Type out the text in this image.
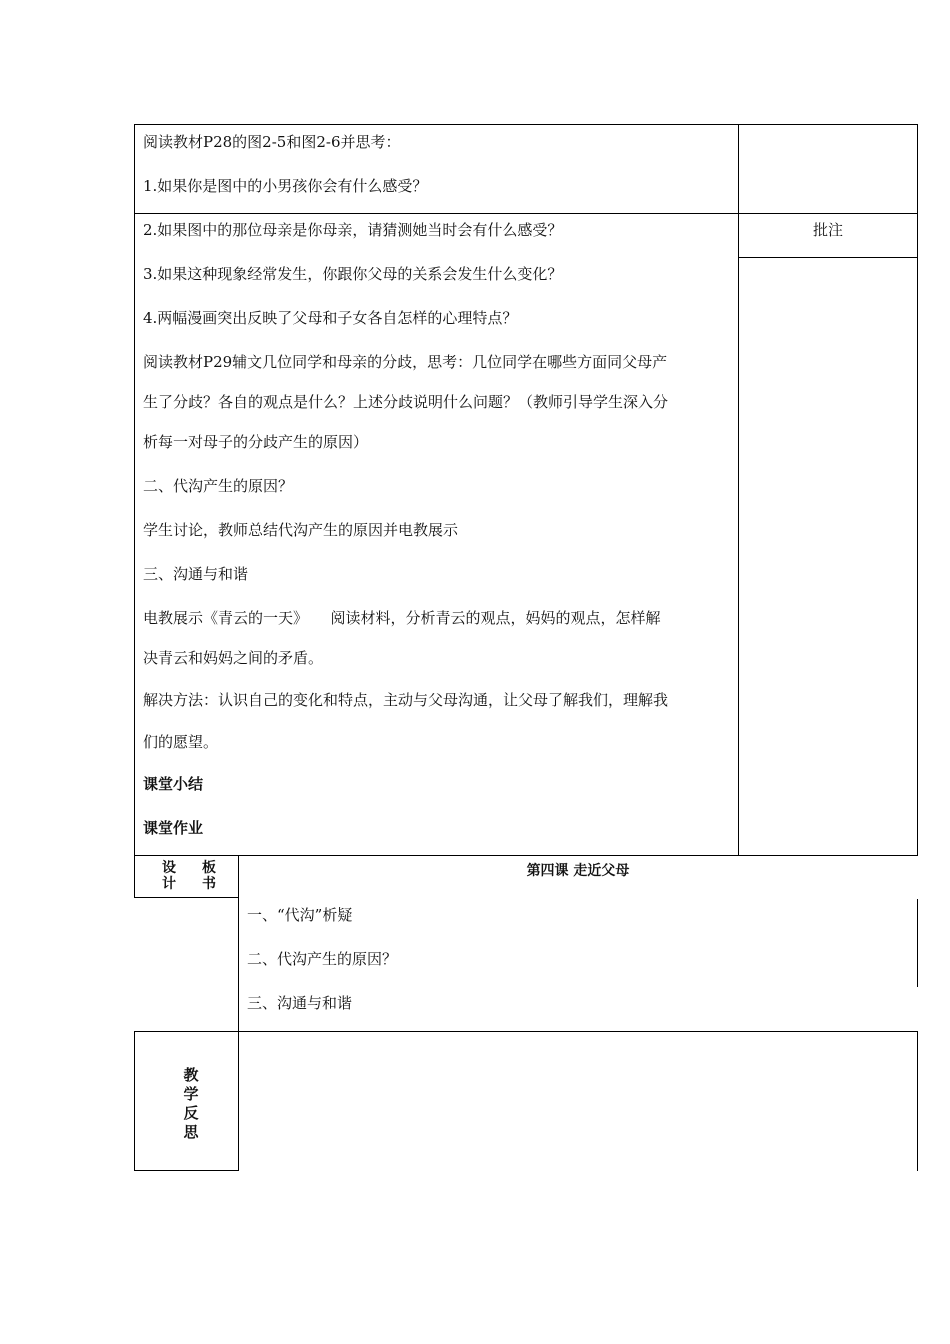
阅读教材P28的图2-5和图2-6并思考：
1.如果你是图中的小男孩你会有什么感受？
2.如果图中的那位母亲是你母亲，请猜测她当时会有什么感受？
3.如果这种现象经常发生，你跟你父母的关系会发生什么变化？
4.两幅漫画突出反映了父母和子女各自怎样的心理特点？
阅读教材P29辅文几位同学和母亲的分歧，思考：几位同学在哪些方面同父母产
生了分歧？各自的观点是什么？上述分歧说明什么问题？（教师引导学生深入分
析每一对母子的分歧产生的原因）
二、代沟产生的原因？
学生讨论，教师总结代沟产生的原因并电教展示
三、沟通与和谐
电教展示《青云的一天》　　阅读材料，分析青云的观点，妈妈的观点，怎样解
决青云和妈妈之间的矛盾。
解决方法：认识自己的变化和特点，主动与父母沟通，让父母了解我们，理解我
们的愿望。
课堂小结
课堂作业
批注
设　板
计　书
第四课 走近父母
一、“代沟”析疑
二、代沟产生的原因？
三、沟通与和谐
教
学
反
思
